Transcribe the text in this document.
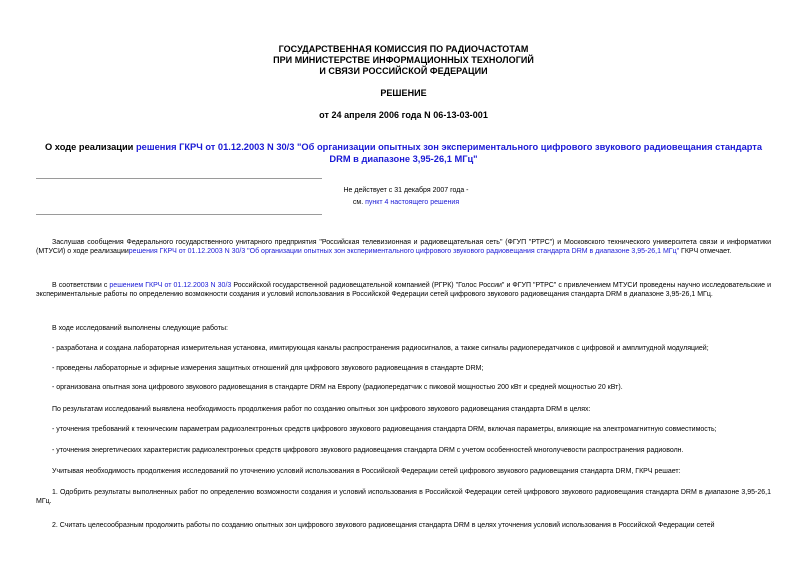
ГОСУДАРСТВЕННАЯ КОМИССИЯ ПО РАДИОЧАСТОТАМ
ПРИ МИНИСТЕРСТВЕ ИНФОРМАЦИОННЫХ ТЕХНОЛОГИЙ
И СВЯЗИ РОССИЙСКОЙ ФЕДЕРАЦИИ
РЕШЕНИЕ
от 24 апреля 2006 года N 06-13-03-001
О ходе реализации решения ГКРЧ от 01.12.2003 N 30/3 "Об организации опытных зон экспериментального цифрового звукового радиовещания стандарта DRM в диапазоне 3,95-26,1 МГц"
Не действует с 31 декабря 2007 года -
см. пункт 4 настоящего решения
Заслушав сообщения Федерального государственного унитарного предприятия "Российская телевизионная и радиовещательная сеть" (ФГУП "РТРС") и Московского технического университета связи и информатики (МТУСИ) о ходе реализациирешения ГКРЧ от 01.12.2003 N 30/3 "Об организации опытных зон экспериментального цифрового звукового радиовещания стандарта DRM в диапазоне 3,95-26,1 МГц" ГКРЧ отмечает.
В соответствии с решением ГКРЧ от 01.12.2003 N 30/3 Российской государственной радиовещательной компанией (РГРК) "Голос России" и ФГУП "РТРС" с привлечением МТУСИ проведены научно исследовательские и экспериментальные работы по определению возможности создания и условий использования в Российской Федерации сетей цифрового звукового радиовещания стандарта DRM в диапазоне 3,95-26,1 МГц.
В ходе исследований выполнены следующие работы:
- разработана и создана лабораторная измерительная установка, имитирующая каналы распространения радиосигналов, а также сигналы радиопередатчиков с цифровой и амплитудной модуляцией;
- проведены лабораторные и эфирные измерения защитных отношений для цифрового звукового радиовещания в стандарте DRM;
- организована опытная зона цифрового звукового радиовещания в стандарте DRM на Европу (радиопередатчик с пиковой мощностью 200 кВт и средней мощностью 20 кВт).
По результатам исследований выявлена необходимость продолжения работ по созданию опытных зон цифрового звукового радиовещания стандарта DRM в целях:
- уточнения требований к техническим параметрам радиоэлектронных средств цифрового звукового радиовещания стандарта DRM, включая параметры, влияющие на электромагнитную совместимость;
- уточнения энергетических характеристик радиоэлектронных средств цифрового звукового радиовещания стандарта DRM с учетом особенностей многолучевости распространения радиоволн.
Учитывая необходимость продолжения исследований по уточнению условий использования в Российской Федерации сетей цифрового звукового радиовещания стандарта DRM, ГКРЧ решает:
1. Одобрить результаты выполненных работ по определению возможности создания и условий использования в Российской Федерации сетей цифрового звукового радиовещания стандарта DRM в диапазоне 3,95-26,1 МГц.
2. Считать целесообразным продолжить работы по созданию опытных зон цифрового звукового радиовещания стандарта DRM в целях уточнения условий использования в Российской Федерации сетей
